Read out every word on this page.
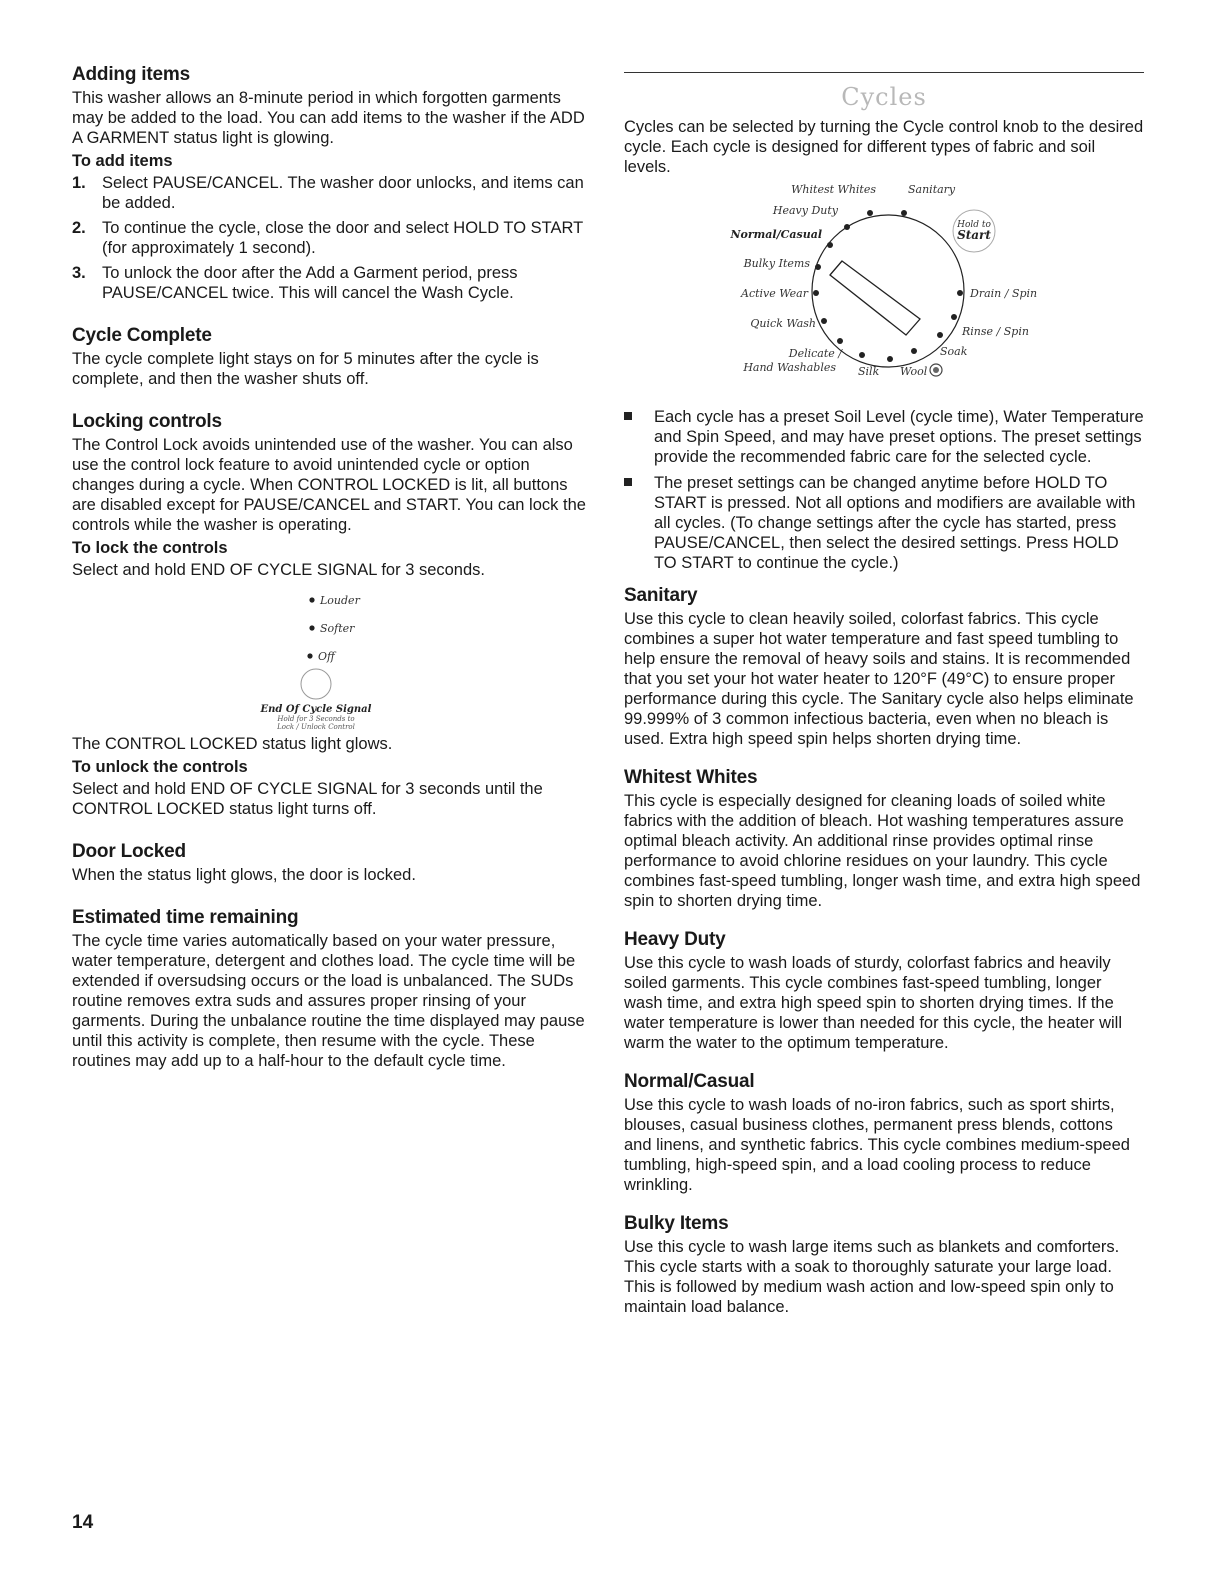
Adding items

This washer allows an 8-minute period in which forgotten garments may be added to the load. You can add items to the washer if the ADD A GARMENT status light is glowing.

To add items
1. Select PAUSE/CANCEL. The washer door unlocks, and items can be added.
2. To continue the cycle, close the door and select HOLD TO START (for approximately 1 second).
3. To unlock the door after the Add a Garment period, press PAUSE/CANCEL twice. This will cancel the Wash Cycle.
Cycle Complete

The cycle complete light stays on for 5 minutes after the cycle is complete, and then the washer shuts off.

Locking controls

The Control Lock avoids unintended use of the washer. You can also use the control lock feature to avoid unintended cycle or option changes during a cycle. When CONTROL LOCKED is lit, all buttons are disabled except for PAUSE/CANCEL and START. You can lock the controls while the washer is operating.

To lock the controls

Select and hold END OF CYCLE SIGNAL for 3 seconds.

Louder
Softer
Off
End Of Cycle Signal
Hold for 3 Seconds to
Lock / Unlock Control

The CONTROL LOCKED status light glows.

To unlock the controls

Select and hold END OF CYCLE SIGNAL for 3 seconds until the CONTROL LOCKED status light turns off.

Door Locked

When the status light glows, the door is locked.

Estimated time remaining

The cycle time varies automatically based on your water pressure, water temperature, detergent and clothes load. The cycle time will be extended if oversudsing occurs or the load is unbalanced. The SUDs routine removes extra suds and assures proper rinsing of your garments. During the unbalance routine the time displayed may pause until this activity is complete, then resume with the cycle. These routines may add up to a half-hour to the default cycle time.

Cycles

Cycles can be selected by turning the Cycle control knob to the desired cycle. Each cycle is designed for different types of fabric and soil levels.

Whitest Whites	Sanitary
Heavy Duty
Normal/Casual
Bulky Items
Active Wear
Quick Wash
Delicate /
Hand Washables Silk Wool
Soak
Rinse / Spin
Drain / Spin
Hold to
Start
Each cycle has a preset Soil Level (cycle time), Water Temperature and Spin Speed, and may have preset options. The preset settings provide the recommended fabric care for the selected cycle.
The preset settings can be changed anytime before HOLD TO START is pressed. Not all options and modifiers are available with all cycles. (To change settings after the cycle has started, press PAUSE/CANCEL, then select the desired settings. Press HOLD TO START to continue the cycle.)
Sanitary

Use this cycle to clean heavily soiled, colorfast fabrics. This cycle combines a super hot water temperature and fast speed tumbling to help ensure the removal of heavy soils and stains. It is recommended that you set your hot water heater to 120°F (49°C) to ensure proper performance during this cycle. The Sanitary cycle also helps eliminate 99.999% of 3 common infectious bacteria, even when no bleach is used. Extra high speed spin helps shorten drying time.

Whitest Whites

This cycle is especially designed for cleaning loads of soiled white fabrics with the addition of bleach. Hot washing temperatures assure optimal bleach activity. An additional rinse provides optimal rinse performance to avoid chlorine residues on your laundry. This cycle combines fast-speed tumbling, longer wash time, and extra high speed spin to shorten drying time.

Heavy Duty

Use this cycle to wash loads of sturdy, colorfast fabrics and heavily soiled garments. This cycle combines fast-speed tumbling, longer wash time, and extra high speed spin to shorten drying times. If the water temperature is lower than needed for this cycle, the heater will warm the water to the optimum temperature.

Normal/Casual

Use this cycle to wash loads of no-iron fabrics, such as sport shirts, blouses, casual business clothes, permanent press blends, cottons and linens, and synthetic fabrics. This cycle combines medium-speed tumbling, high-speed spin, and a load cooling process to reduce wrinkling.

Bulky Items

Use this cycle to wash large items such as blankets and comforters. This cycle starts with a soak to thoroughly saturate your large load. This is followed by medium wash action and low-speed spin only to maintain load balance.

14
